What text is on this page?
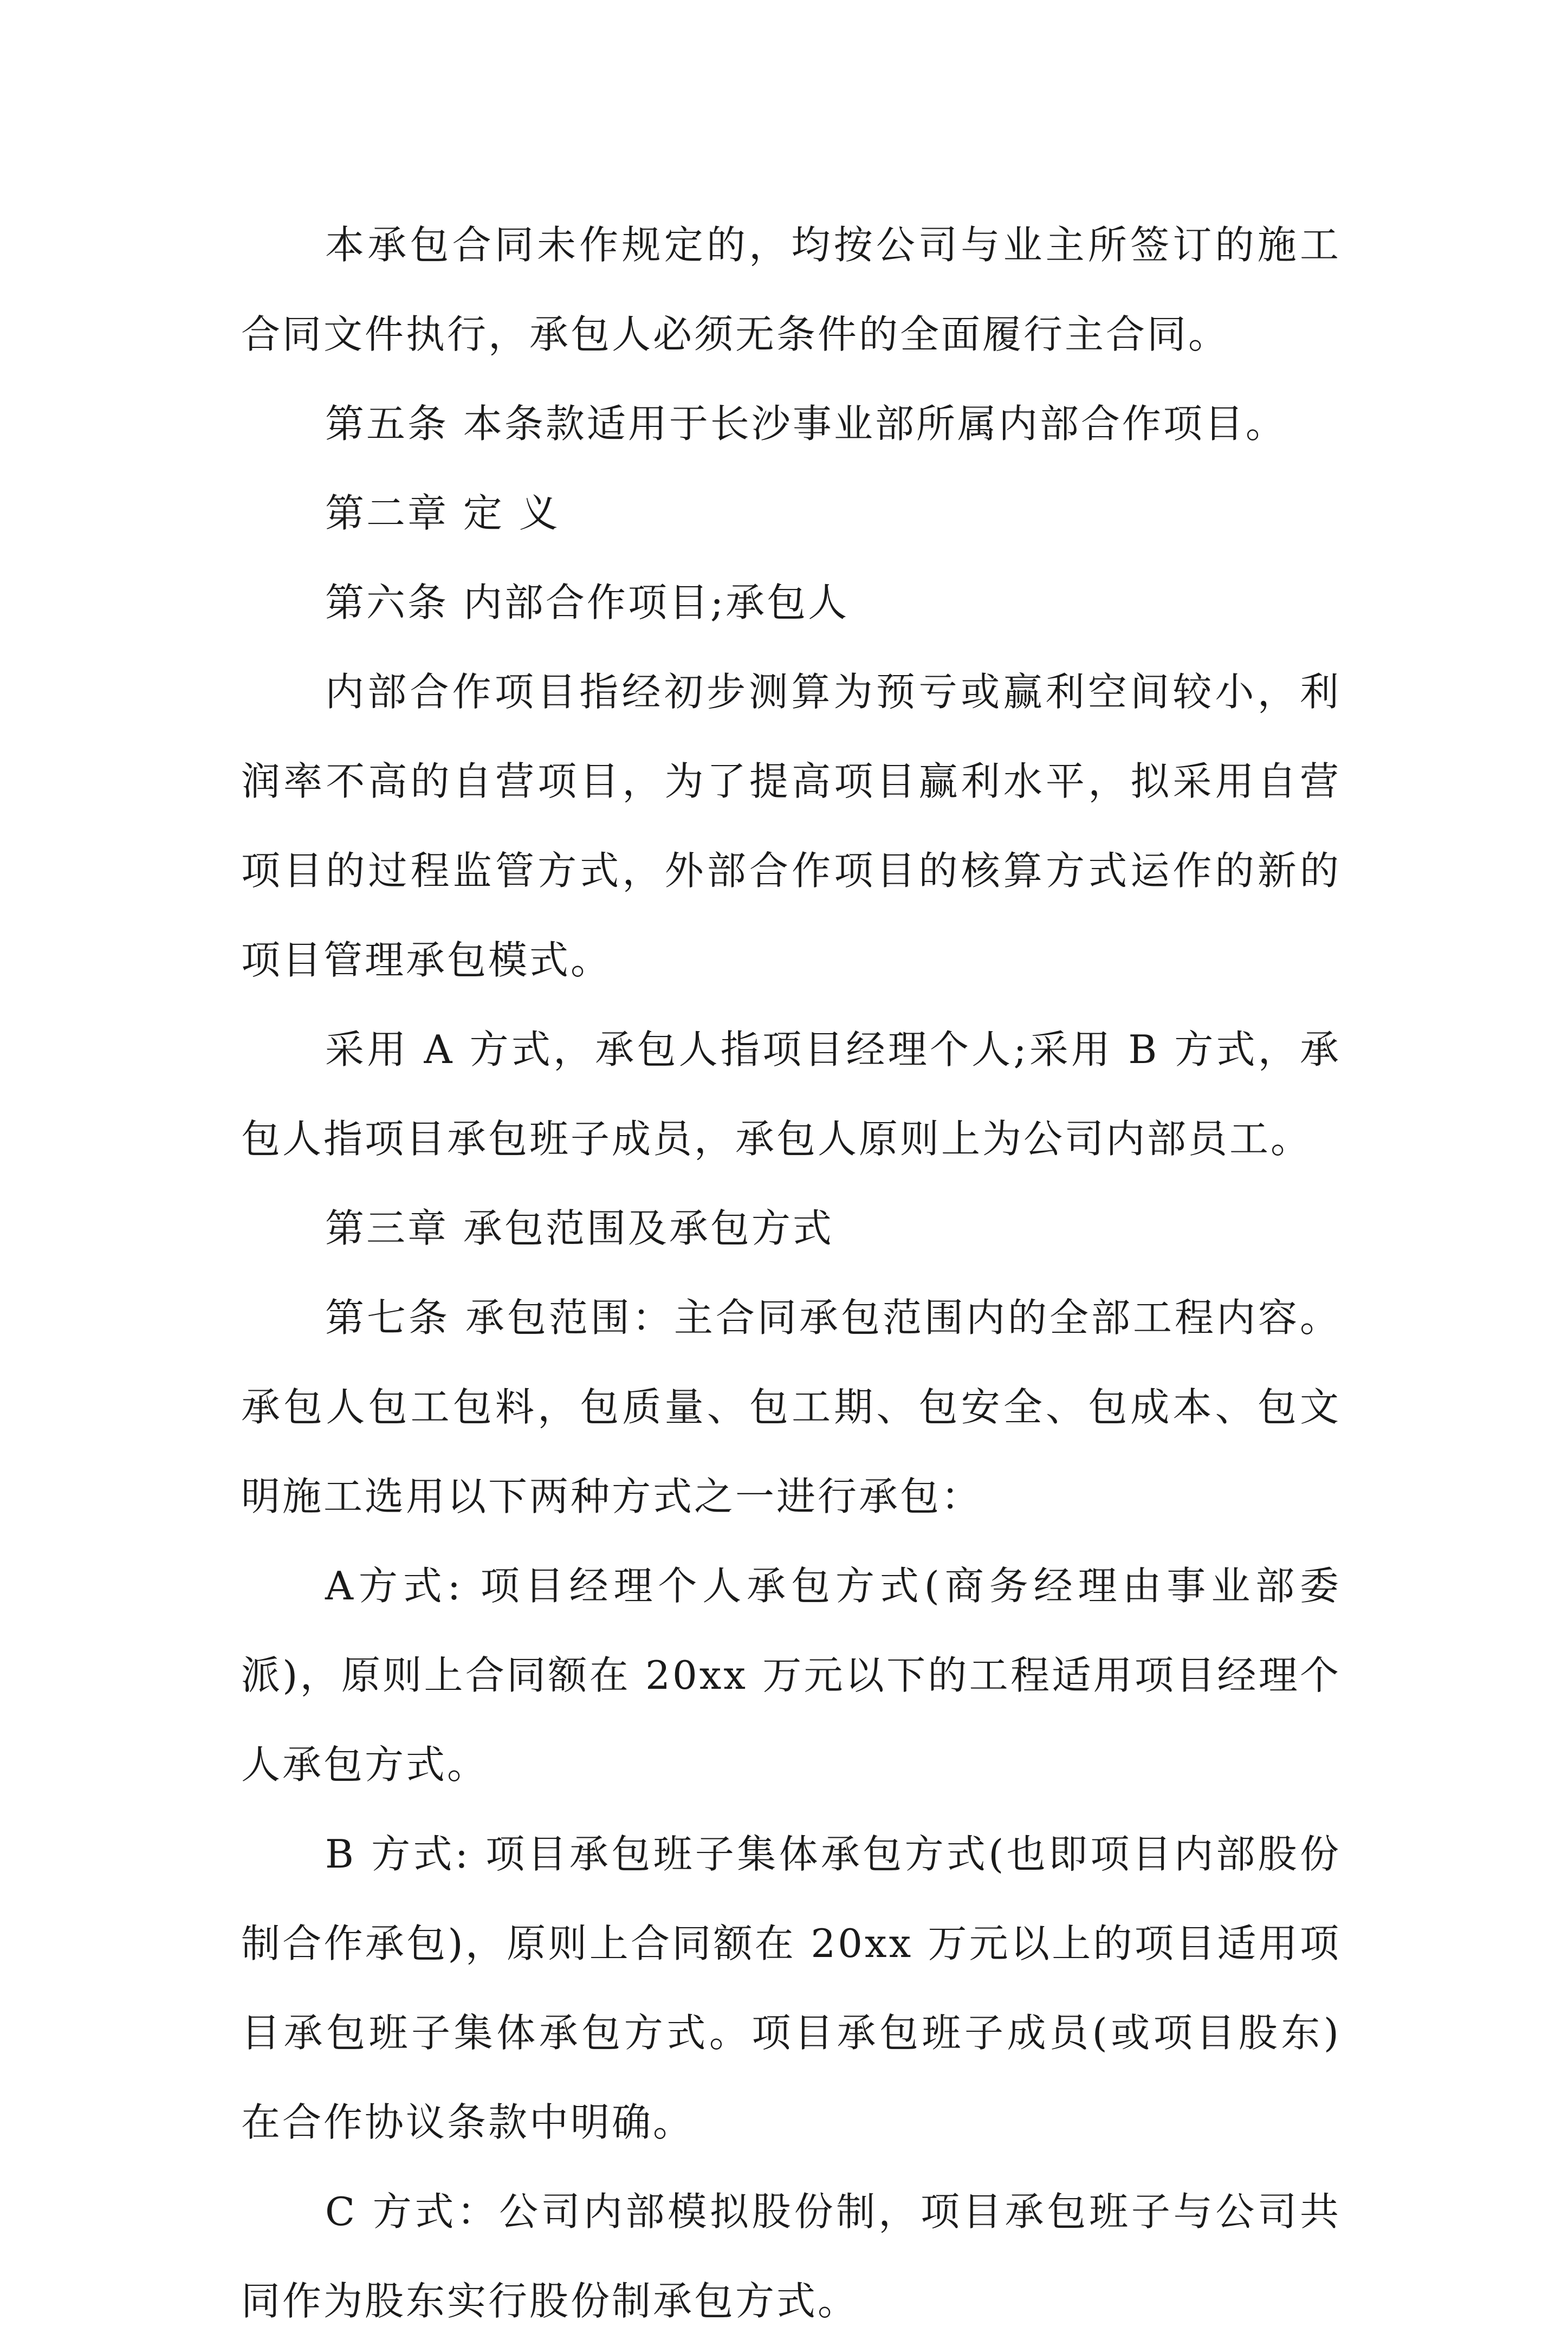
本承包合同未作规定的，均按公司与业主所签订的施工合同文件执行，承包人必须无条件的全面履行主合同。

第五条 本条款适用于长沙事业部所属内部合作项目。

第二章 定 义

第六条 内部合作项目;承包人

内部合作项目指经初步测算为预亏或赢利空间较小，利润率不高的自营项目，为了提高项目赢利水平，拟采用自营项目的过程监管方式，外部合作项目的核算方式运作的新的项目管理承包模式。

采用 A 方式，承包人指项目经理个人;采用 B 方式，承包人指项目承包班子成员，承包人原则上为公司内部员工。

第三章 承包范围及承包方式

第七条 承包范围：主合同承包范围内的全部工程内容。承包人包工包料，包质量、包工期、包安全、包成本、包文明施工选用以下两种方式之一进行承包：

A方式: 项目经理个人承包方式(商务经理由事业部委派)，原则上合同额在 20xx 万元以下的工程适用项目经理个人承包方式。

B 方式: 项目承包班子集体承包方式(也即项目内部股份制合作承包)，原则上合同额在 20xx 万元以上的项目适用项目承包班子集体承包方式。项目承包班子成员(或项目股东)在合作协议条款中明确。

C 方式：公司内部模拟股份制，项目承包班子与公司共同作为股东实行股份制承包方式。
